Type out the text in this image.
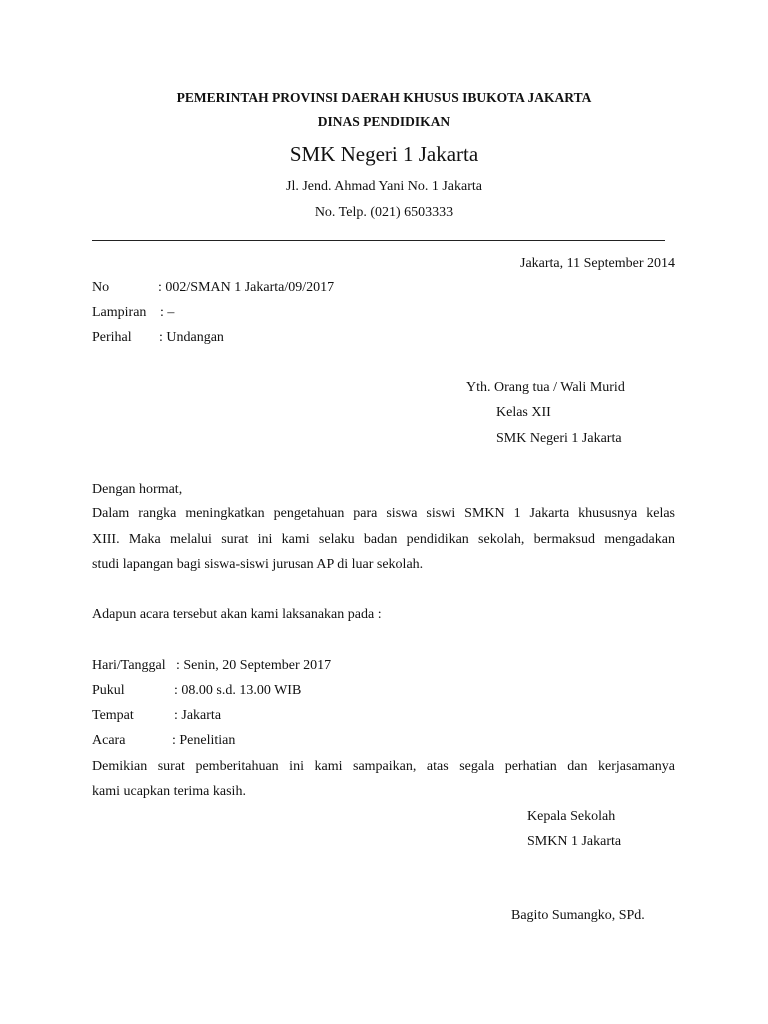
PEMERINTAH PROVINSI DAERAH KHUSUS IBUKOTA JAKARTA
DINAS PENDIDIKAN
SMK Negeri 1 Jakarta
Jl. Jend. Ahmad Yani No. 1 Jakarta
No. Telp. (021) 6503333
Jakarta, 11 September 2014
No	: 002/SMAN 1 Jakarta/09/2017
Lampiran : –
Perihal : Undangan
Yth. Orang tua / Wali Murid
Kelas XII
SMK Negeri 1 Jakarta
Dengan hormat,
Dalam rangka meningkatkan pengetahuan para siswa siswi SMKN 1 Jakarta khususnya kelas
XIII. Maka melalui surat ini kami selaku badan pendidikan sekolah, bermaksud mengadakan
studi lapangan bagi siswa-siswi jurusan AP di luar sekolah.
Adapun acara tersebut akan kami laksanakan pada :
Hari/Tanggal : Senin, 20 September 2017
Pukul	: 08.00 s.d. 13.00 WIB
Tempat	: Jakarta
Acara	: Penelitian
Demikian surat pemberitahuan ini kami sampaikan, atas segala perhatian dan kerjasamanya
kami ucapkan terima kasih.
Kepala Sekolah
SMKN 1 Jakarta
Bagito Sumangko, SPd.
